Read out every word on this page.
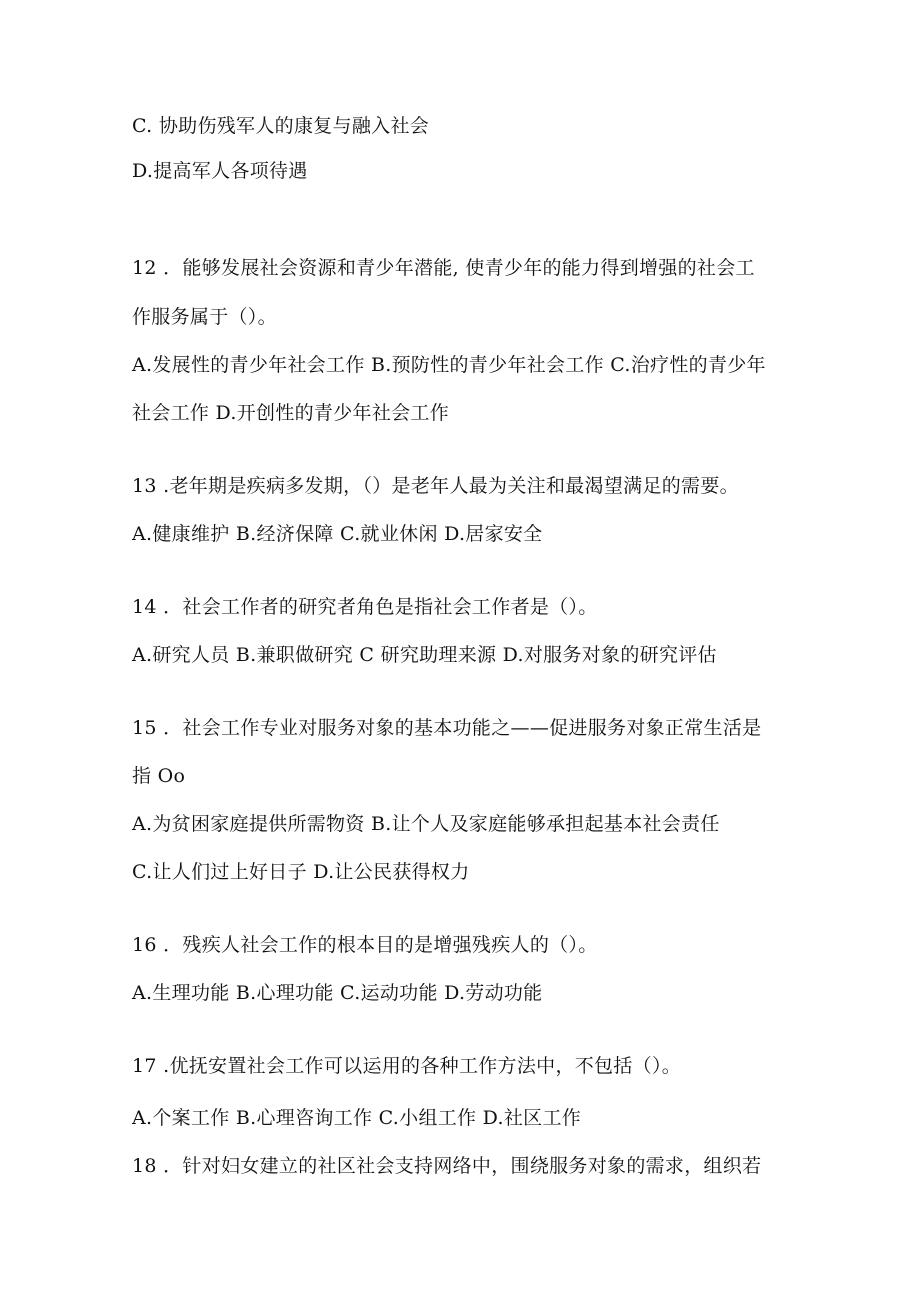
C. 协助伤残军人的康复与融入社会
D.提高军人各项待遇
12 ．能够发展社会资源和青少年潜能, 使青少年的能力得到增强的社会工
作服务属于（）。
A.发展性的青少年社会工作 B.预防性的青少年社会工作 C.治疗性的青少年
社会工作 D.开创性的青少年社会工作
13 .老年期是疾病多发期，（）是老年人最为关注和最渴望满足的需要。
A.健康维护 B.经济保障 C.就业休闲 D.居家安全
14 ．社会工作者的研究者角色是指社会工作者是（）。
A.研究人员 B.兼职做研究 C 研究助理来源 D.对服务对象的研究评估
15 ．社会工作专业对服务对象的基本功能之——促进服务对象正常生活是
指 Oo
A.为贫困家庭提供所需物资 B.让个人及家庭能够承担起基本社会责任
C.让人们过上好日子 D.让公民获得权力
16 ．残疾人社会工作的根本目的是增强残疾人的（）。
A.生理功能 B.心理功能 C.运动功能 D.劳动功能
17 .优抚安置社会工作可以运用的各种工作方法中，不包括（）。
A.个案工作 B.心理咨询工作 C.小组工作 D.社区工作
18 ．针对妇女建立的社区社会支持网络中，围绕服务对象的需求，组织若
